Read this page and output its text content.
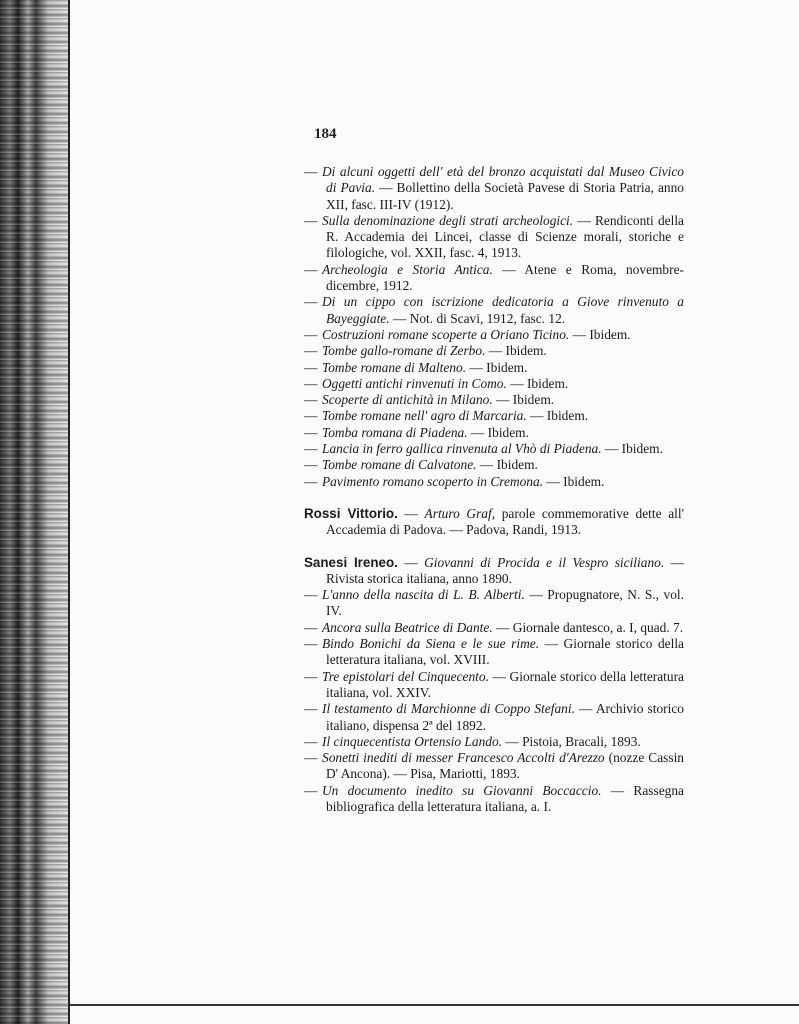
184

— Di alcuni oggetti dell' età del bronzo acquistati dal Museo Civico di Pavia. — Bollettino della Società Pavese di Storia Patria, anno XII, fasc. III-IV (1912).

— Sulla denominazione degli strati archeologici. — Rendiconti della R. Accademia dei Lincei, classe di Scienze morali, storiche e filologiche, vol. XXII, fasc. 4, 1913.

— Archeologia e Storia Antica. — Atene e Roma, novembre-dicembre, 1912.

— Di un cippo con iscrizione dedicatoria a Giove rinvenuto a Bayeggiate. — Not. di Scavi, 1912, fasc. 12.

— Costruzioni romane scoperte a Oriano Ticino. — Ibidem.

— Tombe gallo-romane di Zerbo. — Ibidem.

— Tombe romane di Malteno. — Ibidem.

— Oggetti antichi rinvenuti in Como. — Ibidem.

— Scoperte di antichità in Milano. — Ibidem.

— Tombe romane nell' agro di Marcaria. — Ibidem.

— Tomba romana di Piadena. — Ibidem.

— Lancia in ferro gallica rinvenuta al Vhò di Piadena. — Ibidem.

— Tombe romane di Calvatone. — Ibidem.

— Pavimento romano scoperto in Cremona. — Ibidem.

Rossi Vittorio. — Arturo Graf, parole commemorative dette all' Accademia di Padova. — Padova, Randi, 1913.

Sanesi Ireneo. — Giovanni di Procida e il Vespro siciliano. — Rivista storica italiana, anno 1890.

— L'anno della nascita di L. B. Alberti. — Propugnatore, N. S., vol. IV.

— Ancora sulla Beatrice di Dante. — Giornale dantesco, a. I, quad. 7.

— Bindo Bonichi da Siena e le sue rime. — Giornale storico della letteratura italiana, vol. XVIII.

— Tre epistolari del Cinquecento. — Giornale storico della letteratura italiana, vol. XXIV.

— Il testamento di Marchionne di Coppo Stefani. — Archivio storico italiano, dispensa 2ª del 1892.

— Il cinquecentista Ortensio Lando. — Pistoia, Bracali, 1893.

— Sonetti inediti di messer Francesco Accolti d'Arezzo (nozze Cassin D' Ancona). — Pisa, Mariotti, 1893.

— Un documento inedito su Giovanni Boccaccio. — Rassegna bibliografica della letteratura italiana, a. I.
